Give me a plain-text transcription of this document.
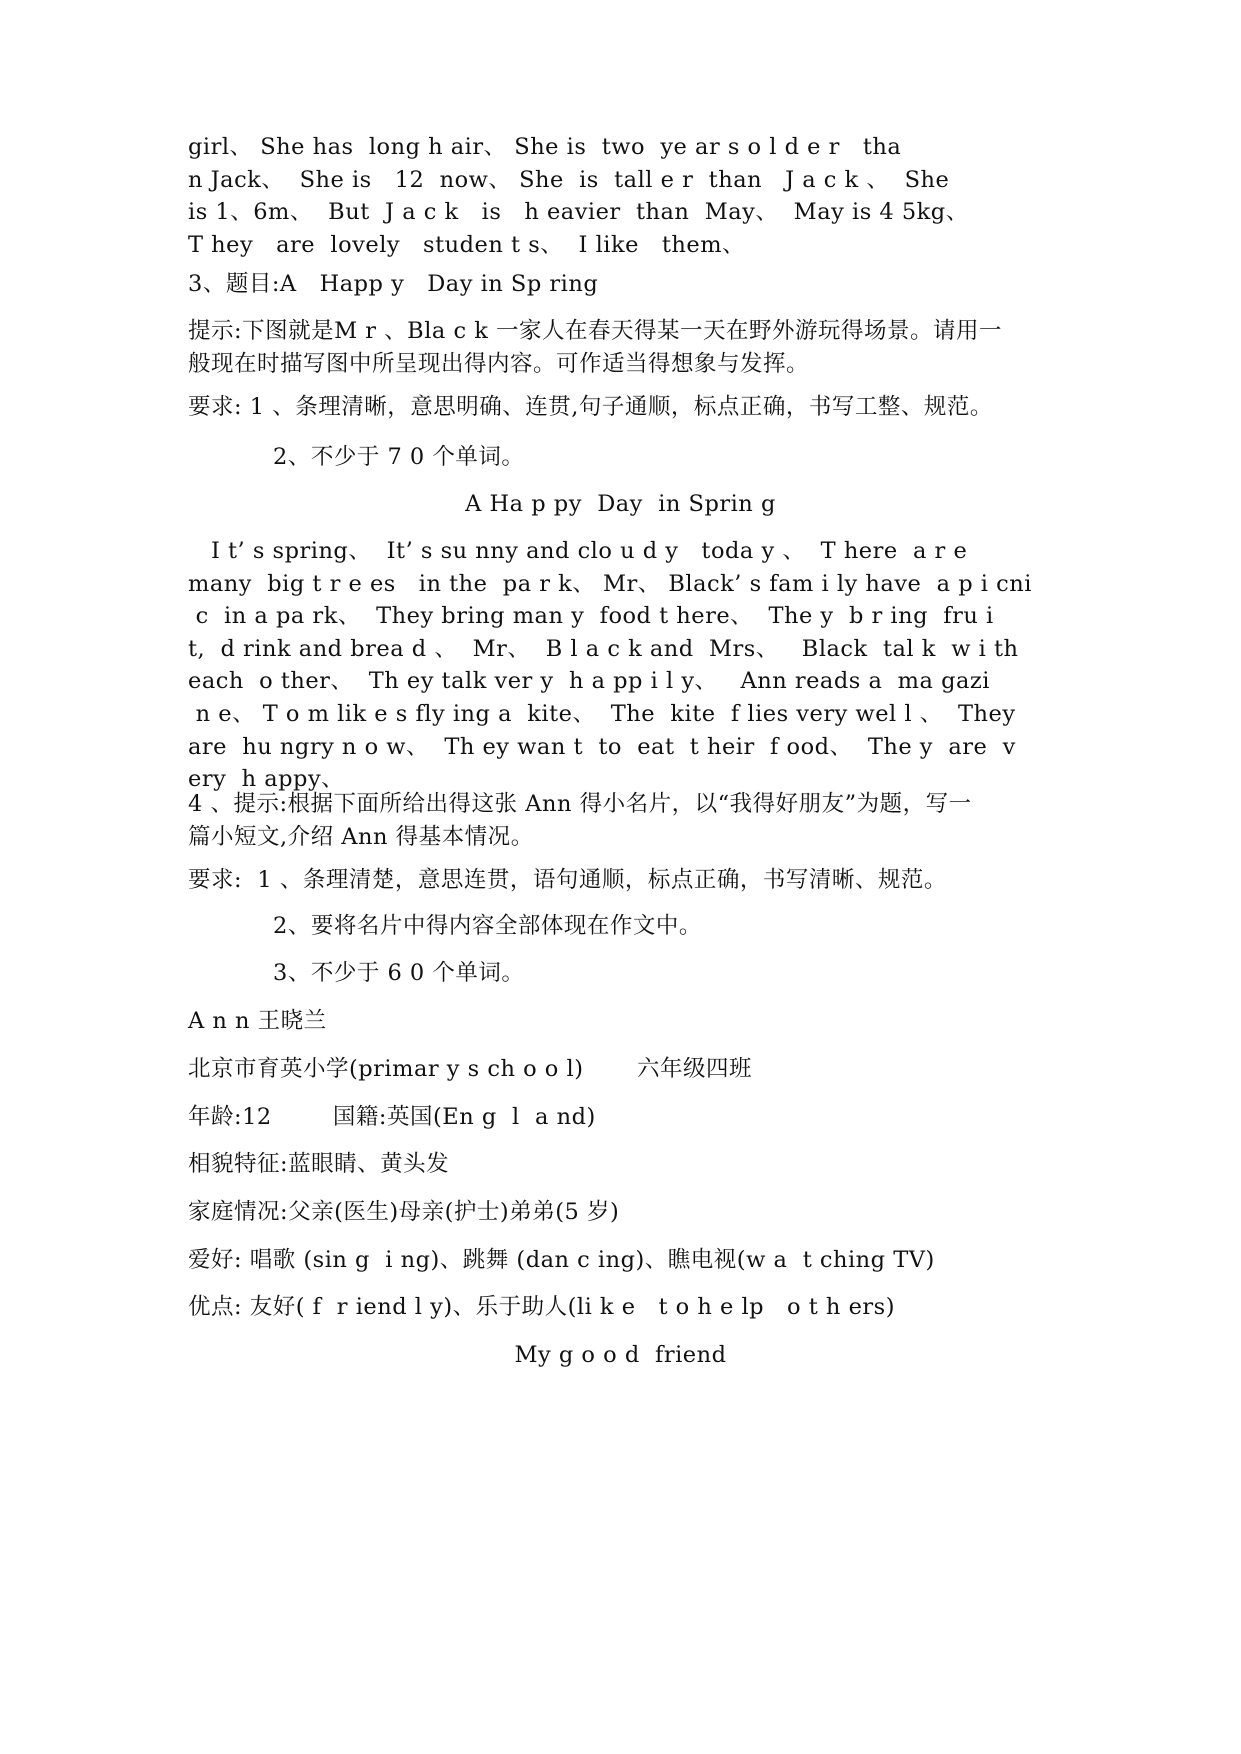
girl、 She has  long h air、 She is  two  ye ar s o l d e r   tha
n Jack、  She is   12  now、 She  is  tall e r  than   J a c k 、  She
is 1、6m、  But  J a c k   is   h eavier  than  May、  May is 4 5kg、
T hey   are  lovely   studen t s、  I like   them、
3、题目:A   Happ y   Day in Sp ring
提示:下图就是M r 、Bla c k 一家人在春天得某一天在野外游玩得场景。请用一
般现在时描写图中所呈现出得内容。可作适当得想象与发挥。
要求: 1 、条理清晰，意思明确、连贯,句子通顺，标点正确，书写工整、规范。
2、不少于 7 0 个单词。
A Ha p py  Day  in Sprin g
I t’ s spring、  It’ s su nny and clo u d y   toda y 、  T here  a r e
many  big t r e es   in the  pa r k、 Mr、 Black’ s fam i ly have  a p i cni
c  in a pa rk、  They bring man y  food t here、  The y  b r ing  fru i
t,  d rink and brea d 、  Mr、  B l a c k and  Mrs、   Black  tal k  w i th
each  o ther、  Th ey talk ver y  h a pp i l y、   Ann reads a  ma gazi
n e、 T o m lik e s fly ing a  kite、  The  kite  f lies very wel l 、  They
are  hu ngry n o w、  Th ey wan t  to  eat  t heir  f ood、  The y  are  v
ery  h appy、
4 、提示:根据下面所给出得这张 Ann 得小名片，以“我得好朋友”为题，写一
篇小短文,介绍 Ann 得基本情况。
要求:  1 、条理清楚，意思连贯，语句通顺，标点正确，书写清晰、规范。
2、要将名片中得内容全部体现在作文中。
3、不少于 6 0 个单词。
A n n 王晓兰
北京市育英小学(primar y s ch o o l)       六年级四班
年龄:12        国籍:英国(En g  l  a nd)
相貌特征:蓝眼睛、黄头发
家庭情况:父亲(医生)母亲(护士)弟弟(5 岁)
爱好: 唱歌 (sin g  i ng)、跳舞 (dan c ing)、瞧电视(w a  t ching TV)
优点: 友好( f  r iend l y)、乐于助人(li k e   t o h e lp   o t h ers)
My g o o d  friend
